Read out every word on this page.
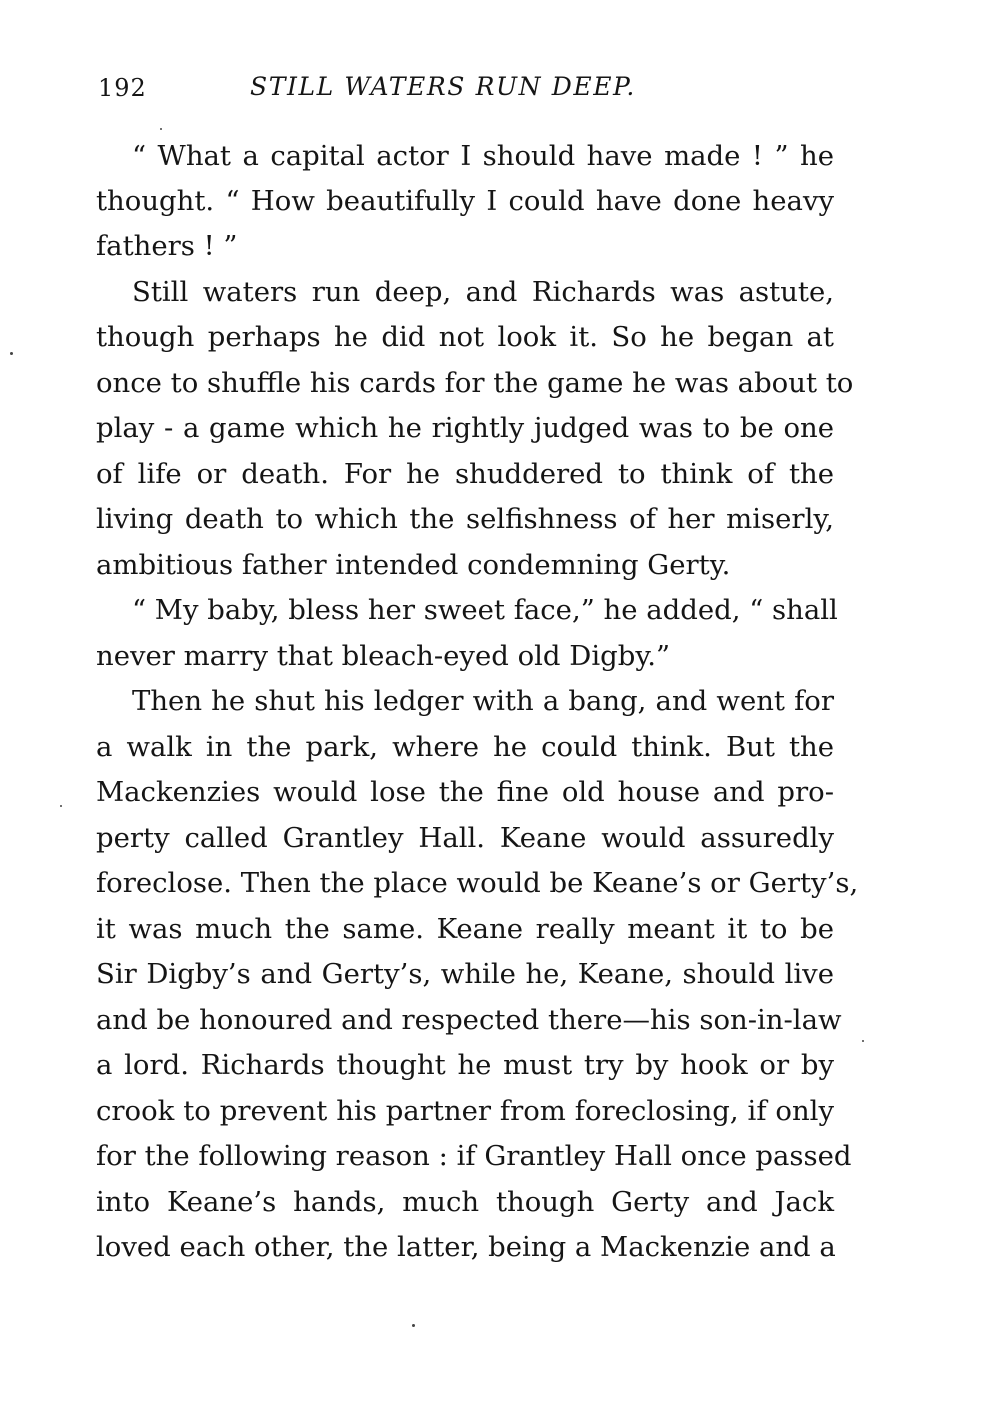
192	STILL WATERS RUN DEEP.
“ What a capital actor I should have made ! ” he
thought. “ How beautifully I could have done heavy
fathers ! ”
Still waters run deep, and Richards was astute,
though perhaps he did not look it. So he began at
once to shuffle his cards for the game he was about to
play - a game which he rightly judged was to be one
of life or death. For he shuddered to think of the
living death to which the selfishness of her miserly,
ambitious father intended condemning Gerty.
“ My baby, bless her sweet face,” he added, “ shall
never marry that bleach-eyed old Digby.”
Then he shut his ledger with a bang, and went for
a walk in the park, where he could think. But the
Mackenzies would lose the fine old house and pro-
perty called Grantley Hall. Keane would assuredly
foreclose. Then the place would be Keane’s or Gerty’s,
it was much the same. Keane really meant it to be
Sir Digby’s and Gerty’s, while he, Keane, should live
and be honoured and respected there—his son-in-law
a lord. Richards thought he must try by hook or by
crook to prevent his partner from foreclosing, if only
for the following reason : if Grantley Hall once passed
into Keane’s hands, much though Gerty and Jack
loved each other, the latter, being a Mackenzie and a
